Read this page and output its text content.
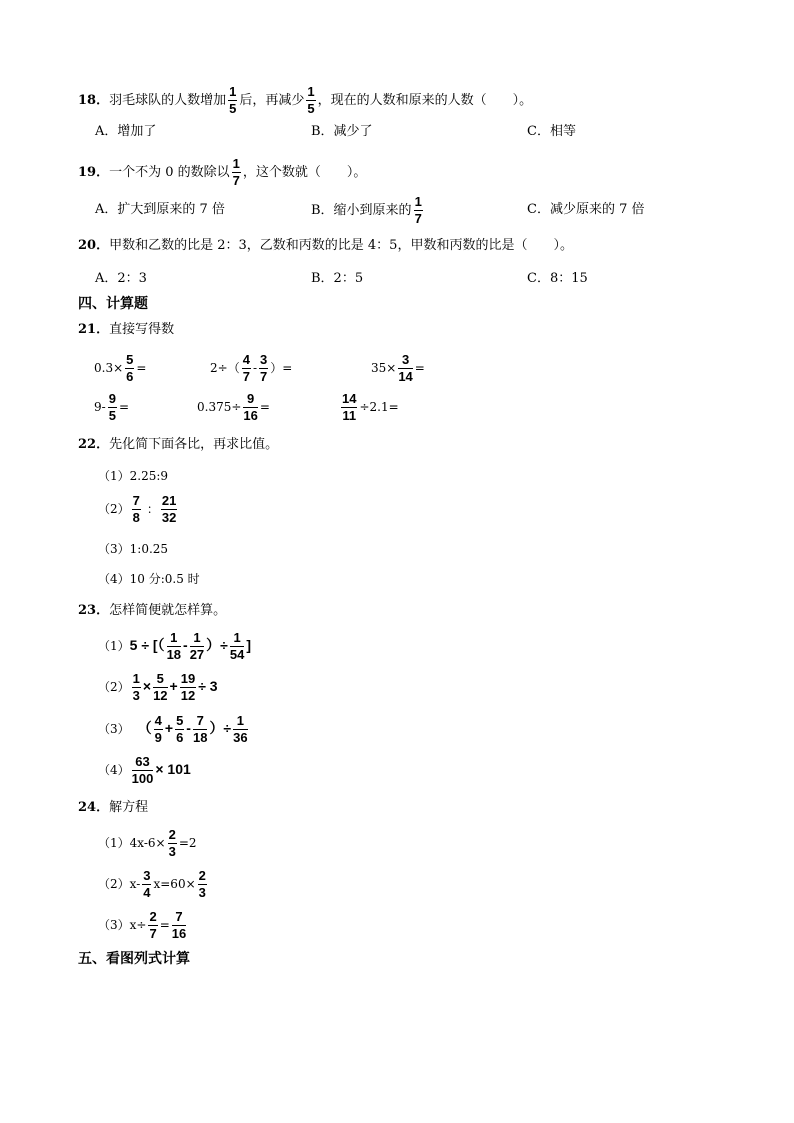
18．羽毛球队的人数增加 $\frac{1}{5}$ 后，再减少 $\frac{1}{5}$ ，现在的人数和原来的人数（　　）。
A．增加了	B．减少了	C．相等
19．一个不为 0 的数除以 $\frac{1}{7}$ ，这个数就（　　）。
A．扩大到原来的 7 倍	B．缩小到原来的 $\frac{1}{7}$	C．减少原来的 7 倍
20．甲数和乙数的比是 2：3，乙数和丙数的比是 4：5，甲数和丙数的比是（　　）。
A．2：3	B．2：5	C．8：15
四、计算题
21．直接写得数
$0.3\times \frac{5}{6}$ =	$2\div( \frac{4}{7} - \frac{3}{7}$ ）=	$35\times \frac{3}{14}$ =
$9- \frac{9}{5}$ =	$0.375\div \frac{9}{16}$ =	$\frac{14}{11} \div 2.1=$
22．先化简下面各比，再求比值。
（1）2.25:9
$(2) \frac{7}{8}$ ： $\frac{21}{32}$
（3）1:0.25
（4）10 分:0.5 时
23．怎样简便就怎样算。
（1）5 ÷ [（ $\frac{1}{18} - \frac{1}{27}$ ）÷ $\frac{1}{54}$ ]
$(2) \frac{1}{3} \times \frac{5}{12} + \frac{19}{12} \div 3$
（3） （ $\frac{4}{9} + \frac{5}{6} - \frac{7}{18}$ ）÷ $\frac{1}{36}$
$(4) \frac{63}{100} \times 101$
24．解方程
$(1)4x-6\times \frac{2}{3} =2$
$(2)x- \frac{3}{4} x=60\times \frac{2}{3}$
$(3)x\div \frac{2}{7} = \frac{7}{16}$
五、看图列式计算
